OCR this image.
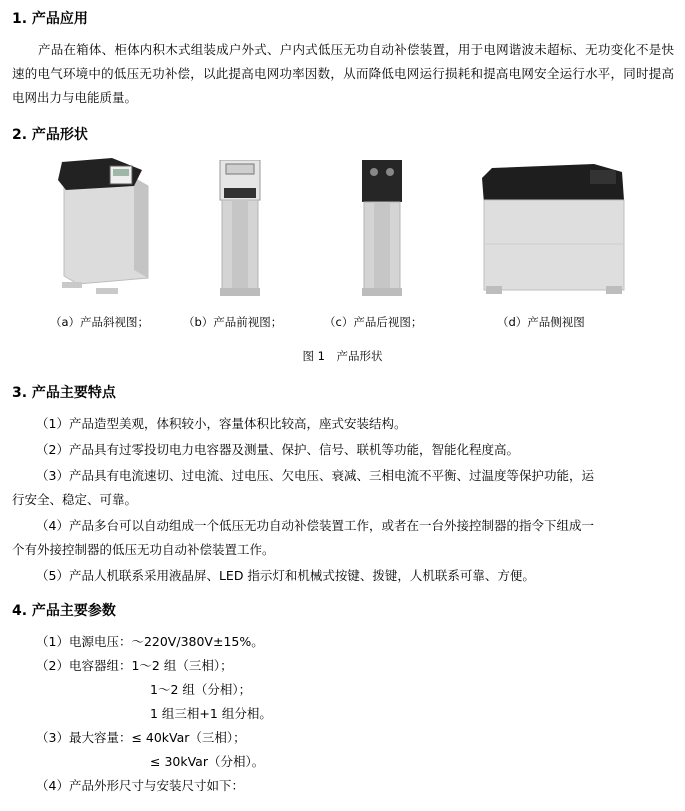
1. 产品应用

产品在箱体、柜体内积木式组装成户外式、户内式低压无功自动补偿装置，用于电网谐波未超标、无功变化不是快速的电气环境中的低压无功补偿，以此提高电网功率因数，从而降低电网运行损耗和提高电网安全运行水平，同时提高电网出力与电能质量。

2. 产品形状
（a）产品斜视图；	（b）产品前视图；	（c）产品后视图；	（d）产品侧视图
图 1　产品形状
3. 产品主要特点

（1）产品造型美观，体积较小，容量体积比较高，座式安装结构。

（2）产品具有过零投切电力电容器及测量、保护、信号、联机等功能，智能化程度高。

（3）产品具有电流速切、过电流、过电压、欠电压、衰减、三相电流不平衡、过温度等保护功能，运

行安全、稳定、可靠。

（4）产品多台可以自动组成一个低压无功自动补偿装置工作，或者在一台外接控制器的指令下组成一

个有外接控制器的低压无功自动补偿装置工作。

（5）产品人机联系采用液晶屏、LED 指示灯和机械式按键、拨键，人机联系可靠、方便。

4. 产品主要参数

（1）电源电压：～220V/380V±15%。

（2）电容器组：1～2 组（三相）；

1～2 组（分相）；

1 组三相+1 组分相。

（3）最大容量：≤ 40kVar（三相）；

≤ 30kVar（分相）。

（4）产品外形尺寸与安装尺寸如下：
